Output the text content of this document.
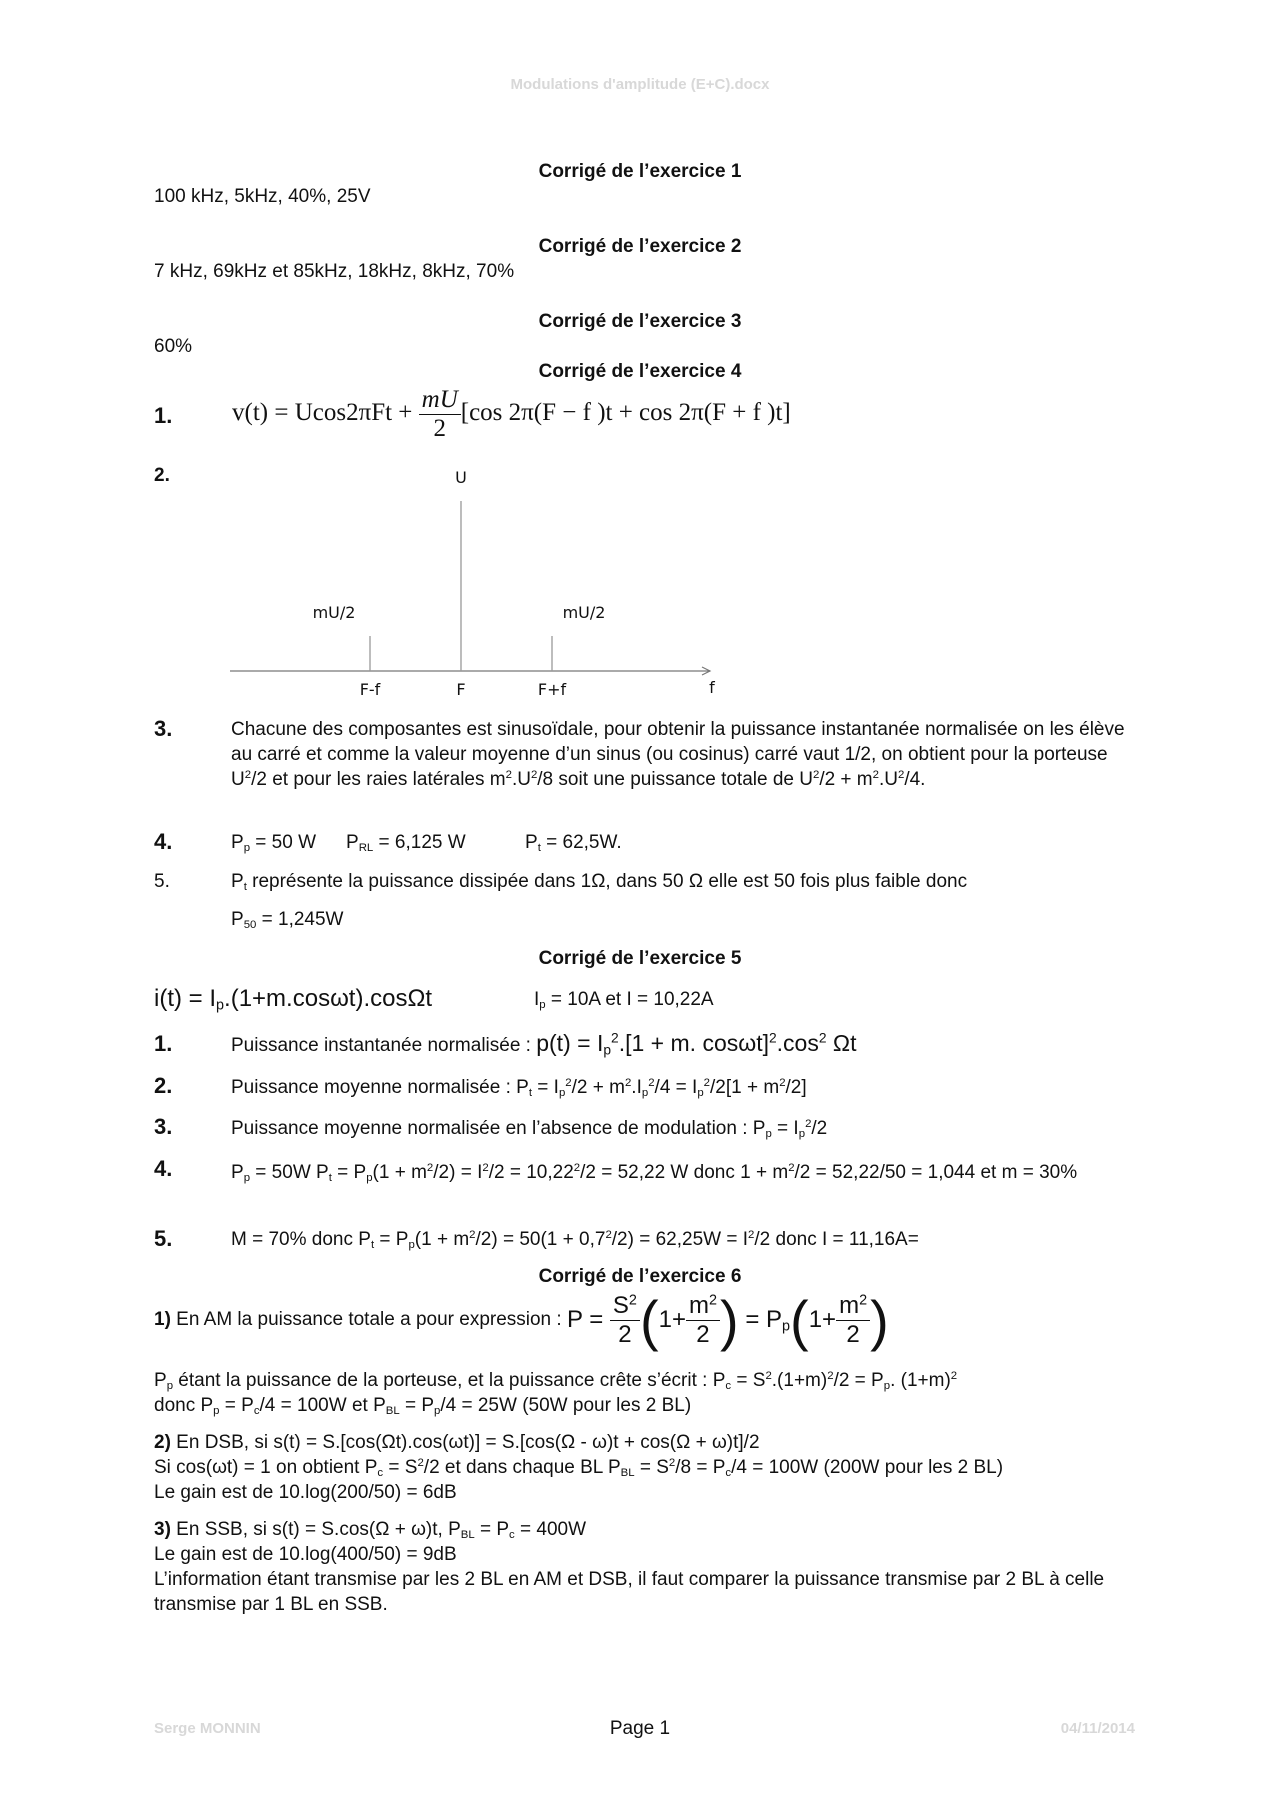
Modulations d'amplitude (E+C).docx
Corrigé de l’exercice 1
100 kHz, 5kHz, 40%, 25V
Corrigé de l’exercice 2
7 kHz, 69kHz et 85kHz, 18kHz, 8kHz, 70%
Corrigé de l’exercice 3
60%
Corrigé de l’exercice 4
1. $v(t) = Ucos2\pi Ft + \frac{mU}{2} [\cos$ 2π(F − f )t + cos 2π(F + f )t]
2.
f
F-f
mU/2
F
U
F+f
mU/2
3.	Chacune des composantes est sinusoïdale, pour obtenir la puissance instantanée normalisée on les élève au carré et comme la valeur moyenne d’un sinus (ou cosinus) carré vaut 1/2, on obtient pour la porteuse $U^2/2$ et pour les raies latérales $m^2.U^2/8$ soit une puissance totale de $U^2/2 + m^2.U^2/4$.
4.	$P_p = 50$ W $P_{RL} = 6,125$ W	$P_t = 62,5W$.
5.	$P_t$ représente la puissance dissipée dans 1Ω, dans 50 Ω elle est 50 fois plus faible donc
$P_{50} = 1,245W$
Corrigé de l’exercice 5
$i(t) = I_p.(1+m.\cos\omega t).\cos\Omega t$	$I_p = 10A$ et I = 10,22A
1.	Puissance instantanée normalisée : $p(t) = I_p^2.[1 + m$. $\cos\omega t]^2.\cos^2$ Ωt
2.	Puissance moyenne normalisée : $P_t = I_p^2/2 + m^2.I_p^2/4 = I_p^2/2[1 + m^2/2]$
3.	Puissance moyenne normalisée en l’absence de modulation : $P_p = I_p^2/2$
4.	$P_p = 50W$ $P_t = P_p(1 + m^2/2) = I^2/2 = 10,22^2/2 = 52,22$ W donc $1 + m^2/2 = 52,22/50 = 1,044$ et m = 30%
5.	M = 70% donc $P_t = P_p(1 + m^2/2) = 50(1 + 0,7^2/2) = 62,25W = I^2/2$ donc I = 11,16A=
Corrigé de l’exercice 6
1) En AM la puissance totale a pour expression : $P = \frac{S^2}{2} (1+ \frac{m^2}{2}$ ) = $P_p(1+ \frac{m^2}{2}$ )
$P_p$ étant la puissance de la porteuse, et la puissance crête s’écrit : $P_c = S^2.(1+m)^2/2 = P_p$. $(1+m)^2$
donc $P_p = P_c/4 = 100W$ et $P_{BL} = P_p/4 = 25W$ (50W pour les 2 BL)
2) En DSB, si s(t) = S.[cos(Ωt).cos(ωt)] = S.[cos(Ω - ω)t + cos(Ω + ω)t]/2
Si cos(ωt) = 1 on obtient $P_c = S^2/2$ et dans chaque BL $P_{BL} = S^2/8 = P_c/4 = 100W$ (200W pour les 2 BL)
Le gain est de 10.log(200/50) = 6dB
3) En SSB, si s(t) = S.cos(Ω + ω)t, $P_{BL} = P_c = 400W$
Le gain est de 10.log(400/50) = 9dB
L’information étant transmise par les 2 BL en AM et DSB, il faut comparer la puissance transmise par 2 BL à celle transmise par 1 BL en SSB.
Serge MONNIN	Page 1	04/11/2014
